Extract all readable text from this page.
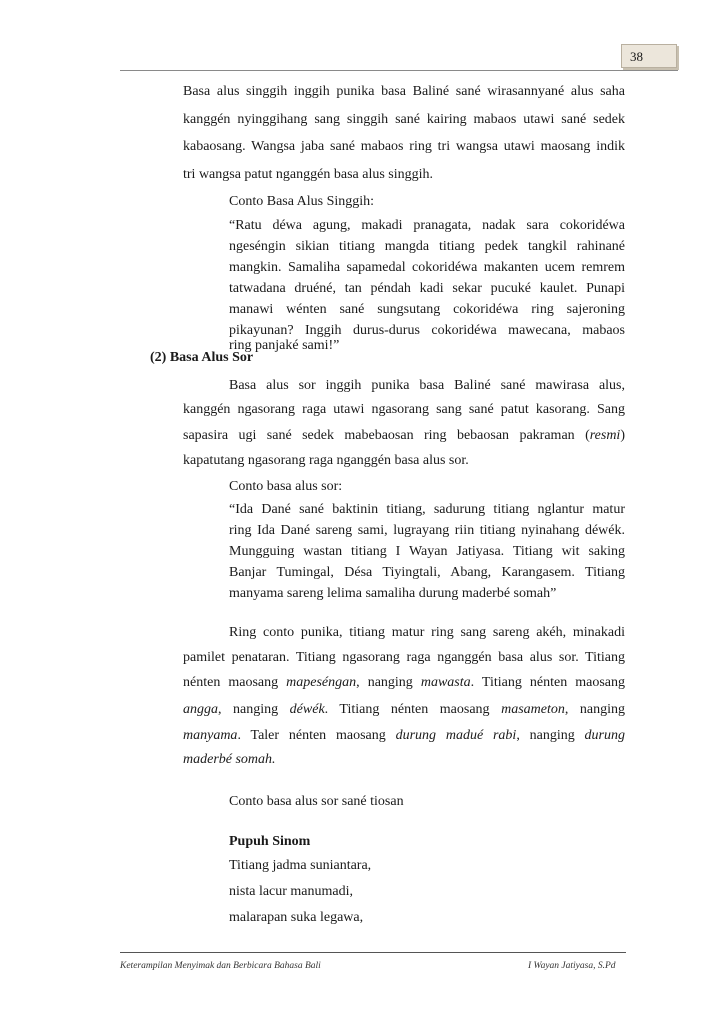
38
Basa alus singgih inggih punika basa Baliné sané wirasannyané alus saha
kanggén nyinggihang sang singgih sané kairing mabaos utawi sané sedek
kabaosang. Wangsa jaba sané mabaos ring tri wangsa utawi maosang indik
tri wangsa patut nganggén basa alus singgih.
Conto Basa Alus Singgih:
“Ratu déwa agung, makadi pranagata, nadak sara cokoridéwa
ngeséngin sikian titiang mangda titiang pedek tangkil rahinané
mangkin. Samaliha sapamedal cokoridéwa makanten ucem remrem
tatwadana druéné, tan péndah kadi sekar pucuké kaulet. Punapi
manawi wénten sané sungsutang cokoridéwa ring sajeroning
pikayunan? Inggih durus-durus cokoridéwa mawecana, mabaos
ring panjaké sami!”
(2) Basa Alus Sor
Basa alus sor inggih punika basa Baliné sané mawirasa alus,
kanggén ngasorang raga utawi ngasorang sang sané patut kasorang. Sang
sapasira ugi sané sedek mabebaosan ring bebaosan pakraman (resmi)
kapatutang ngasorang raga nganggén basa alus sor.
Conto basa alus sor:
“Ida Dané sané baktinin titiang, sadurung titiang nglantur matur
ring Ida Dané sareng sami, lugrayang riin titiang nyinahang déwék.
Mungguing wastan titiang I Wayan Jatiyasa. Titiang wit saking
Banjar Tumingal, Désa Tiyingtali, Abang, Karangasem. Titiang
manyama sareng lelima samaliha durung maderbé somah”
Ring conto punika, titiang matur ring sang sareng akéh, minakadi
pamilet penataran. Titiang ngasorang raga nganggén basa alus sor. Titiang
nénten maosang mapeséngan, nanging mawasta. Titiang nénten maosang
angga, nanging déwék. Titiang nénten maosang masameton, nanging
manyama. Taler nénten maosang durung madué rabi, nanging durung
maderbé somah.
Conto basa alus sor sané tiosan
Pupuh Sinom
Titiang jadma suniantara,
nista lacur manumadi,
malarapan suka legawa,
Keterampilan Menyimak dan Berbicara Bahasa Bali	I Wayan Jatiyasa, S.Pd
